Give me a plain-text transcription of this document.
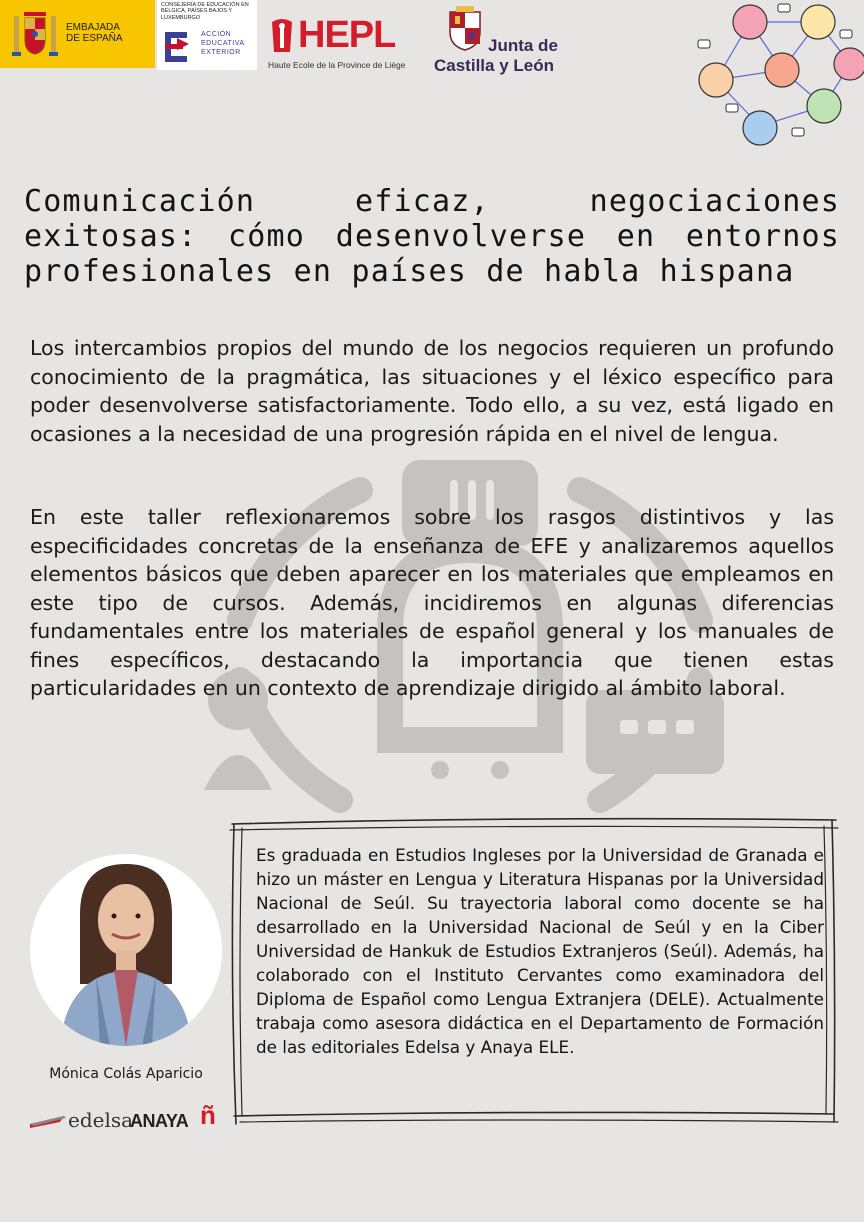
EMBAJADA
DE ESPAÑA
CONSEJERÍA DE EDUCACIÓN EN BÉLGICA, PAÍSES BAJOS Y LUXEMBURGO
ACCIÓN
EDUCATIVA
EXTERIOR HEPL
Haute Ecole de la Province de Liège
Junta de
Castilla y León
Comunicación eficaz, negociaciones exitosas: cómo desenvolverse en entornos profesionales en países de habla hispana

Los intercambios propios del mundo de los negocios requieren un profundo conocimiento de la pragmática, las situaciones y el léxico específico para poder desenvolverse satisfactoriamente. Todo ello, a su vez, está ligado en ocasiones a la necesidad de una progresión rápida en el nivel de lengua.

En este taller reflexionaremos sobre los rasgos distintivos y las especificidades concretas de la enseñanza de EFE y analizaremos aquellos elementos básicos que deben aparecer en los materiales que empleamos en este tipo de cursos. Además, incidiremos en algunas diferencias fundamentales entre los materiales de español general y los manuales de fines específicos, destacando la importancia que tienen estas particularidades en un contexto de aprendizaje dirigido al ámbito laboral.

Es graduada en Estudios Ingleses por la Universidad de Granada e hizo un máster en Lengua y Literatura Hispanas por la Universidad Nacional de Seúl. Su trayectoria laboral como docente se ha desarrollado en la Universidad Nacional de Seúl y en la Ciber Universidad de Hankuk de Estudios Extranjeros (Seúl). Además, ha colaborado con el Instituto Cervantes como examinadora del Diploma de Español como Lengua Extranjera (DELE). Actualmente trabaja como asesora didáctica en el Departamento de Formación de las editoriales Edelsa y Anaya ELE.

Mónica Colás Aparicio
edelsa
ANAYA ñ
